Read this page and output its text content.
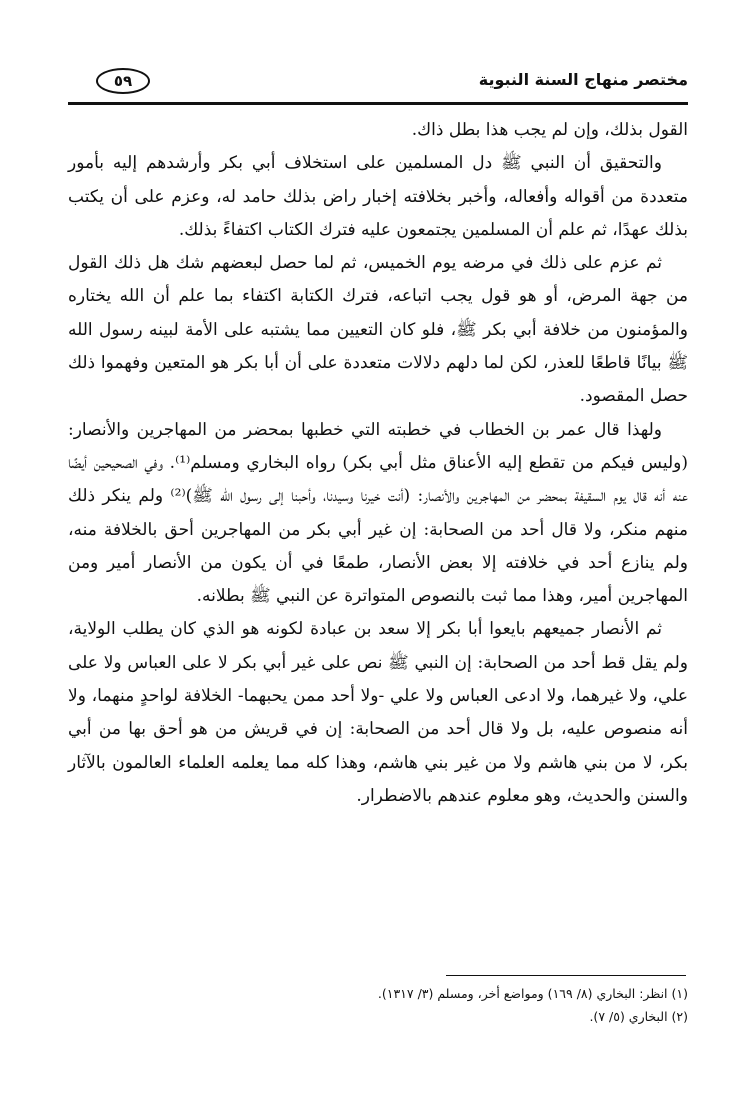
مختصر منهاج السنة النبوية
٥٩

القول بذلك، وإن لم يجب هذا بطل ذاك.

والتحقيق أن النبي ﷺ دل المسلمين على استخلاف أبي بكر وأرشدهم إليه بأمور متعددة من أقواله وأفعاله، وأخبر بخلافته إخبار راض بذلك حامد له، وعزم على أن يكتب بذلك عهدًا، ثم علم أن المسلمين يجتمعون عليه فترك الكتاب اكتفاءً بذلك.

ثم عزم على ذلك في مرضه يوم الخميس، ثم لما حصل لبعضهم شك هل ذلك القول من جهة المرض، أو هو قول يجب اتباعه، فترك الكتابة اكتفاء بما علم أن الله يختاره والمؤمنون من خلافة أبي بكر ﷺ، فلو كان التعيين مما يشتبه على الأمة لبينه رسول الله ﷺ بيانًا قاطعًا للعذر، لكن لما دلهم دلالات متعددة على أن أبا بكر هو المتعين وفهموا ذلك حصل المقصود.

ولهذا قال عمر بن الخطاب في خطبته التي خطبها بمحضر من المهاجرين والأنصار: (وليس فيكم من تقطع إليه الأعناق مثل أبي بكر) رواه البخاري ومسلم⁽¹⁾. وفي الصحيحين أيضًا عنه أنه قال يوم السقيفة بمحضر من المهاجرين والأنصار: (أنت خيرنا وسيدنا، وأحبنا إلى رسول الله ﷺ)⁽²⁾ ولم ينكر ذلك منهم منكر، ولا قال أحد من الصحابة: إن غير أبي بكر من المهاجرين أحق بالخلافة منه، ولم ينازع أحد في خلافته إلا بعض الأنصار، طمعًا في أن يكون من الأنصار أمير ومن المهاجرين أمير، وهذا مما ثبت بالنصوص المتواترة عن النبي ﷺ بطلانه.

ثم الأنصار جميعهم بايعوا أبا بكر إلا سعد بن عبادة لكونه هو الذي كان يطلب الولاية، ولم يقل قط أحد من الصحابة: إن النبي ﷺ نص على غير أبي بكر لا على العباس ولا على علي، ولا غيرهما، ولا ادعى العباس ولا علي -ولا أحد ممن يحبهما- الخلافة لواحدٍ منهما، ولا أنه منصوص عليه، بل ولا قال أحد من الصحابة: إن في قريش من هو أحق بها من أبي بكر، لا من بني هاشم ولا من غير بني هاشم، وهذا كله مما يعلمه العلماء العالمون بالآثار والسنن والحديث، وهو معلوم عندهم بالاضطرار.

(١) انظر: البخاري (٨/ ١٦٩) ومواضع أخر، ومسلم (٣/ ١٣١٧).
(٢) البخاري (٥/ ٧).
